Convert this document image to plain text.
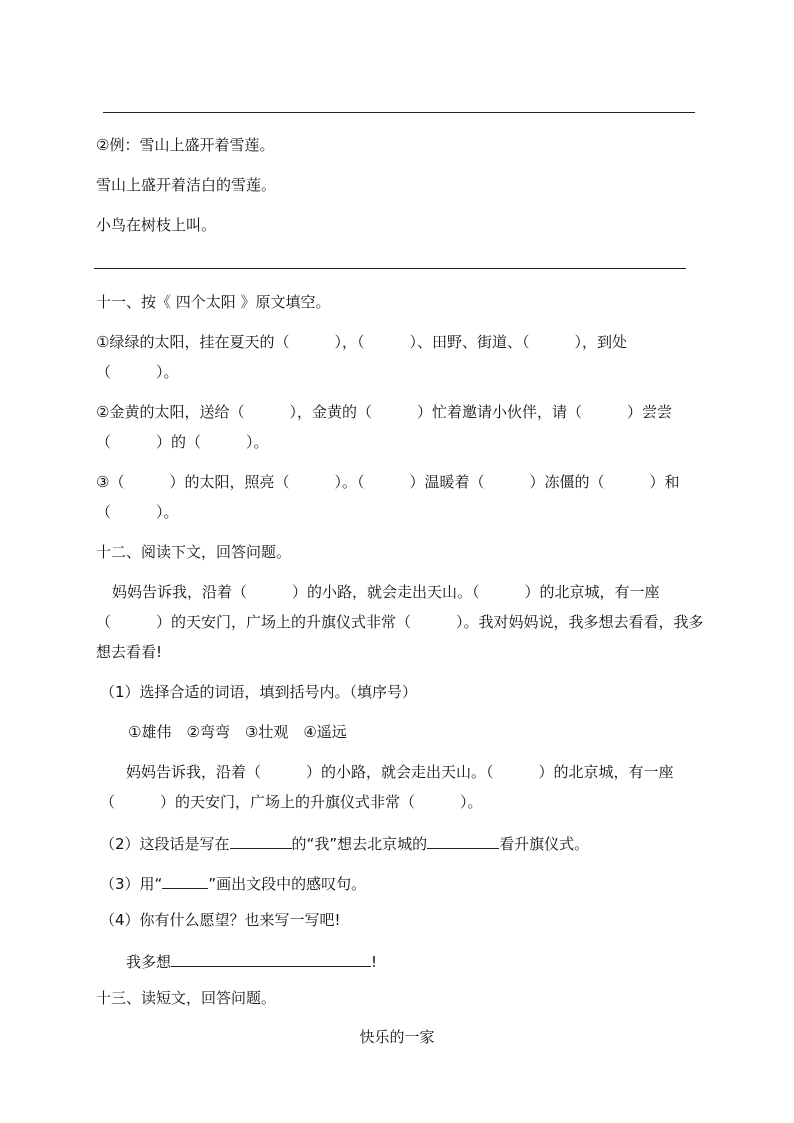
②例：雪山上盛开着雪莲。
雪山上盛开着洁白的雪莲。
小鸟在树枝上叫。
十一、按《 四个太阳 》原文填空。
①绿绿的太阳，挂在夏天的（　　　），（　　　）、田野、街道、（　　　），到处
（　　　）。
②金黄的太阳，送给（　　　），金黄的（　　　）忙着邀请小伙伴，请（　　　）尝尝
（　　　）的（　　　）。
③（　　　）的太阳，照亮（　　　）。（　　　）温暖着（　　　）冻僵的（　　　）和
（　　　）。
十二、阅读下文，回答问题。
妈妈告诉我，沿着（　　　）的小路，就会走出天山。（　　　）的北京城，有一座
（　　　）的天安门，广场上的升旗仪式非常（　　　）。我对妈妈说，我多想去看看，我多
想去看看!
（1）选择合适的词语，填到括号内。（填序号）
①雄伟　②弯弯　③壮观　④遥远
妈妈告诉我，沿着（　　　）的小路，就会走出天山。（　　　）的北京城，有一座
（　　　）的天安门，广场上的升旗仪式非常（　　　）。
（2）这段话是写在	的“我”想去北京城的	看升旗仪式。
（3）用“	”画出文段中的感叹句。
（4）你有什么愿望？也来写一写吧!
我多想	!
十三、读短文，回答问题。
快乐的一家
